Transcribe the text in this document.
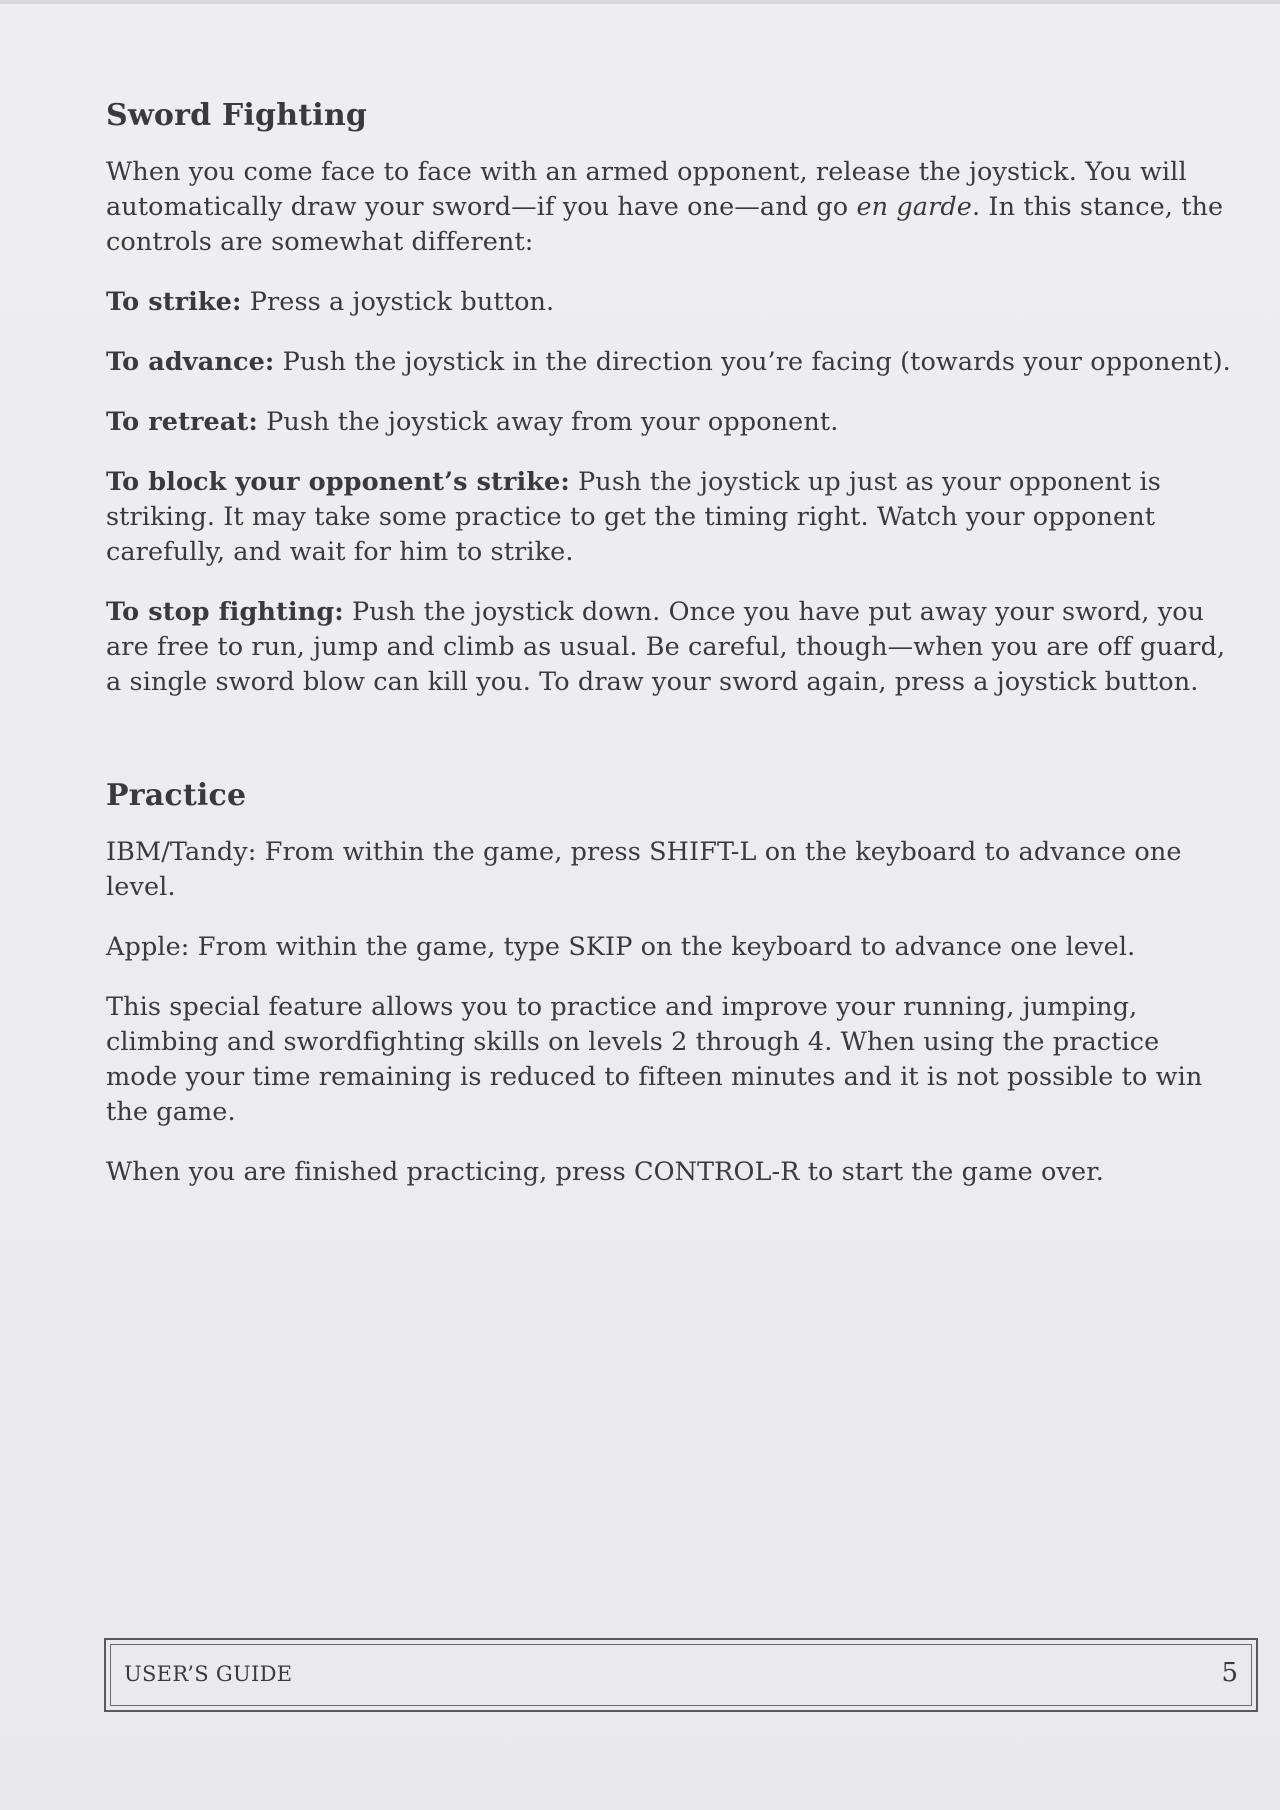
Sword Fighting

When you come face to face with an armed opponent, release the joystick. You will automatically draw your sword—if you have one—and go en garde. In this stance, the controls are somewhat different:

To strike: Press a joystick button.

To advance: Push the joystick in the direction you’re facing (towards your opponent).

To retreat: Push the joystick away from your opponent.

To block your opponent’s strike: Push the joystick up just as your opponent is striking. It may take some practice to get the timing right. Watch your opponent carefully, and wait for him to strike.

To stop fighting: Push the joystick down. Once you have put away your sword, you are free to run, jump and climb as usual. Be careful, though—when you are off guard, a single sword blow can kill you. To draw your sword again, press a joystick button.

Practice

IBM/Tandy: From within the game, press SHIFT-L on the keyboard to advance one level.

Apple: From within the game, type SKIP on the keyboard to advance one level.

This special feature allows you to practice and improve your running, jumping, climbing and swordfighting skills on levels 2 through 4. When using the practice mode your time remaining is reduced to fifteen minutes and it is not possible to win the game.

When you are finished practicing, press CONTROL-R to start the game over.

USER’S GUIDE	5
